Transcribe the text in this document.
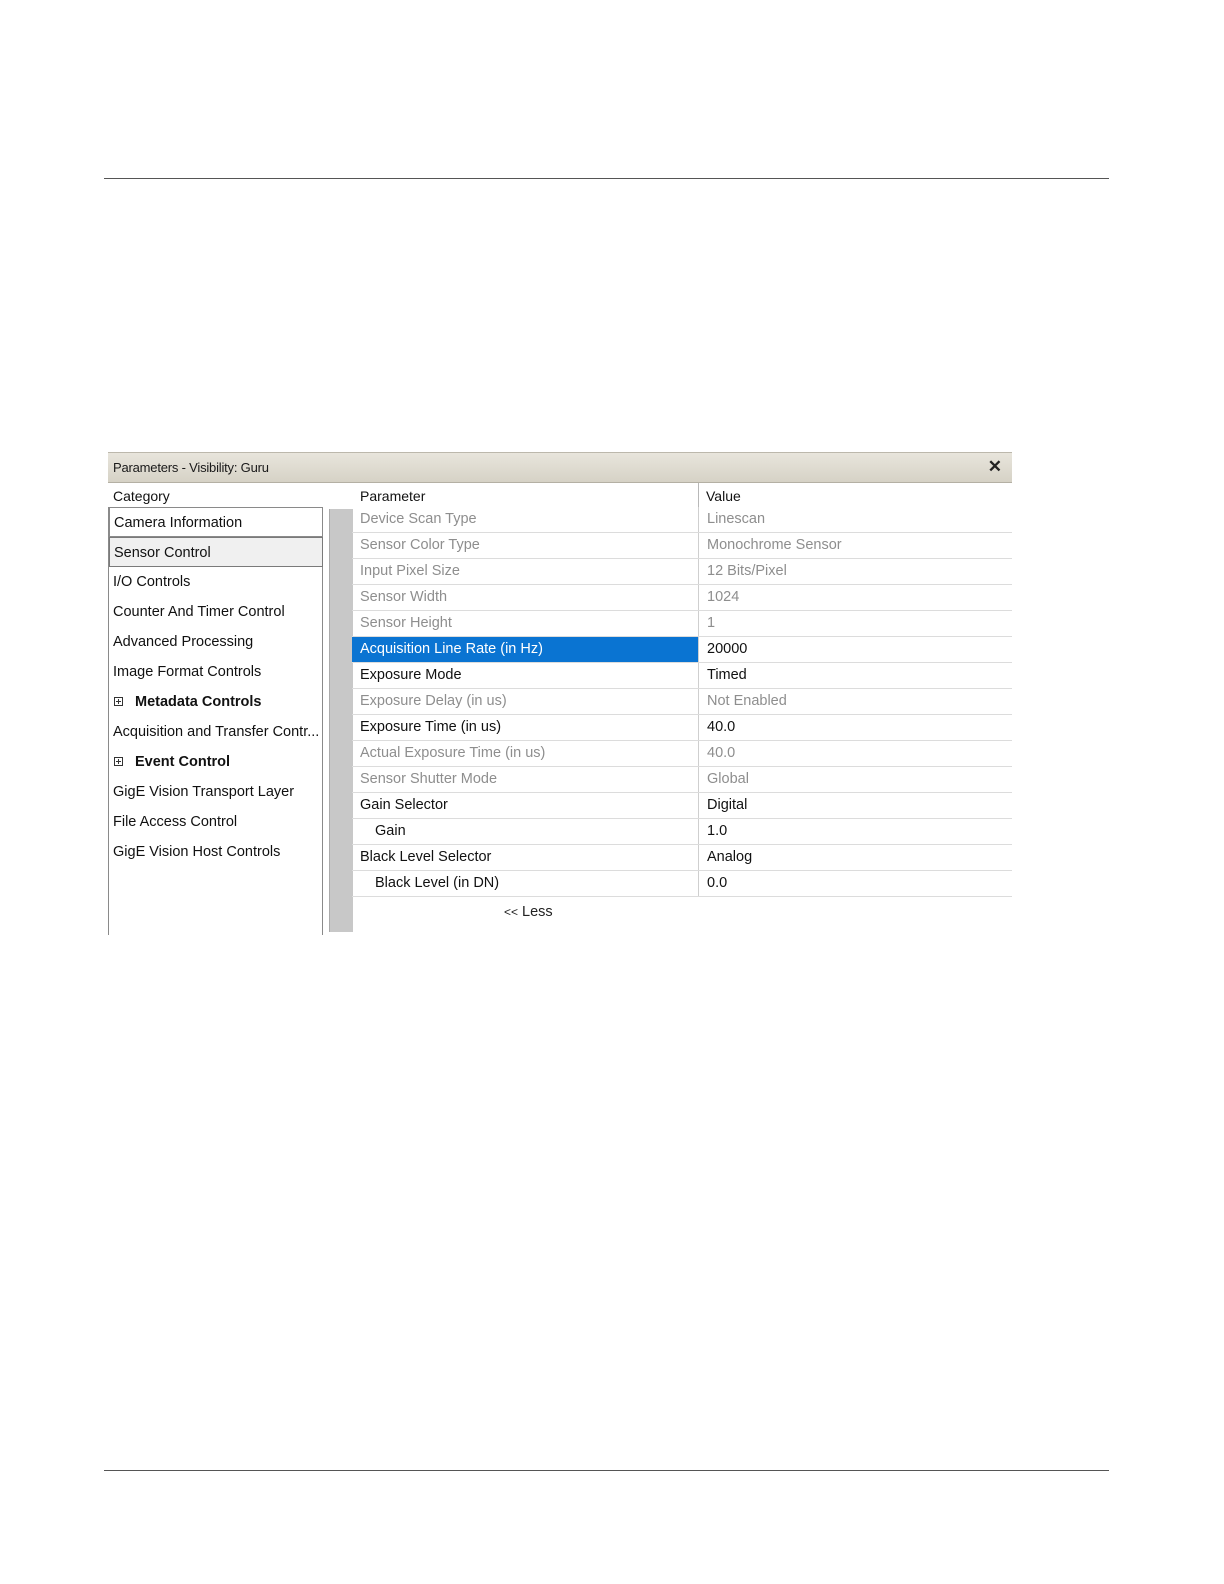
Parameters - Visibility: Guru	✕
Category
Camera Information
Sensor Control
I/O Controls
Counter And Timer Control
Advanced Processing
Image Format Controls
Metadata Controls
Acquisition and Transfer Contr...
Event Control
GigE Vision Transport Layer
File Access Control
GigE Vision Host Controls
Parameter	Value
Device Scan Type	Linescan
Sensor Color Type	Monochrome Sensor
Input Pixel Size	12 Bits/Pixel
Sensor Width	1024
Sensor Height	1
Acquisition Line Rate (in Hz)	20000
Exposure Mode	Timed
Exposure Delay (in us)	Not Enabled
Exposure Time (in us)	40.0
Actual Exposure Time (in us)	40.0
Sensor Shutter Mode	Global
Gain Selector	Digital
Gain	1.0
Black Level Selector	Analog
Black Level (in DN)	0.0
<< Less
